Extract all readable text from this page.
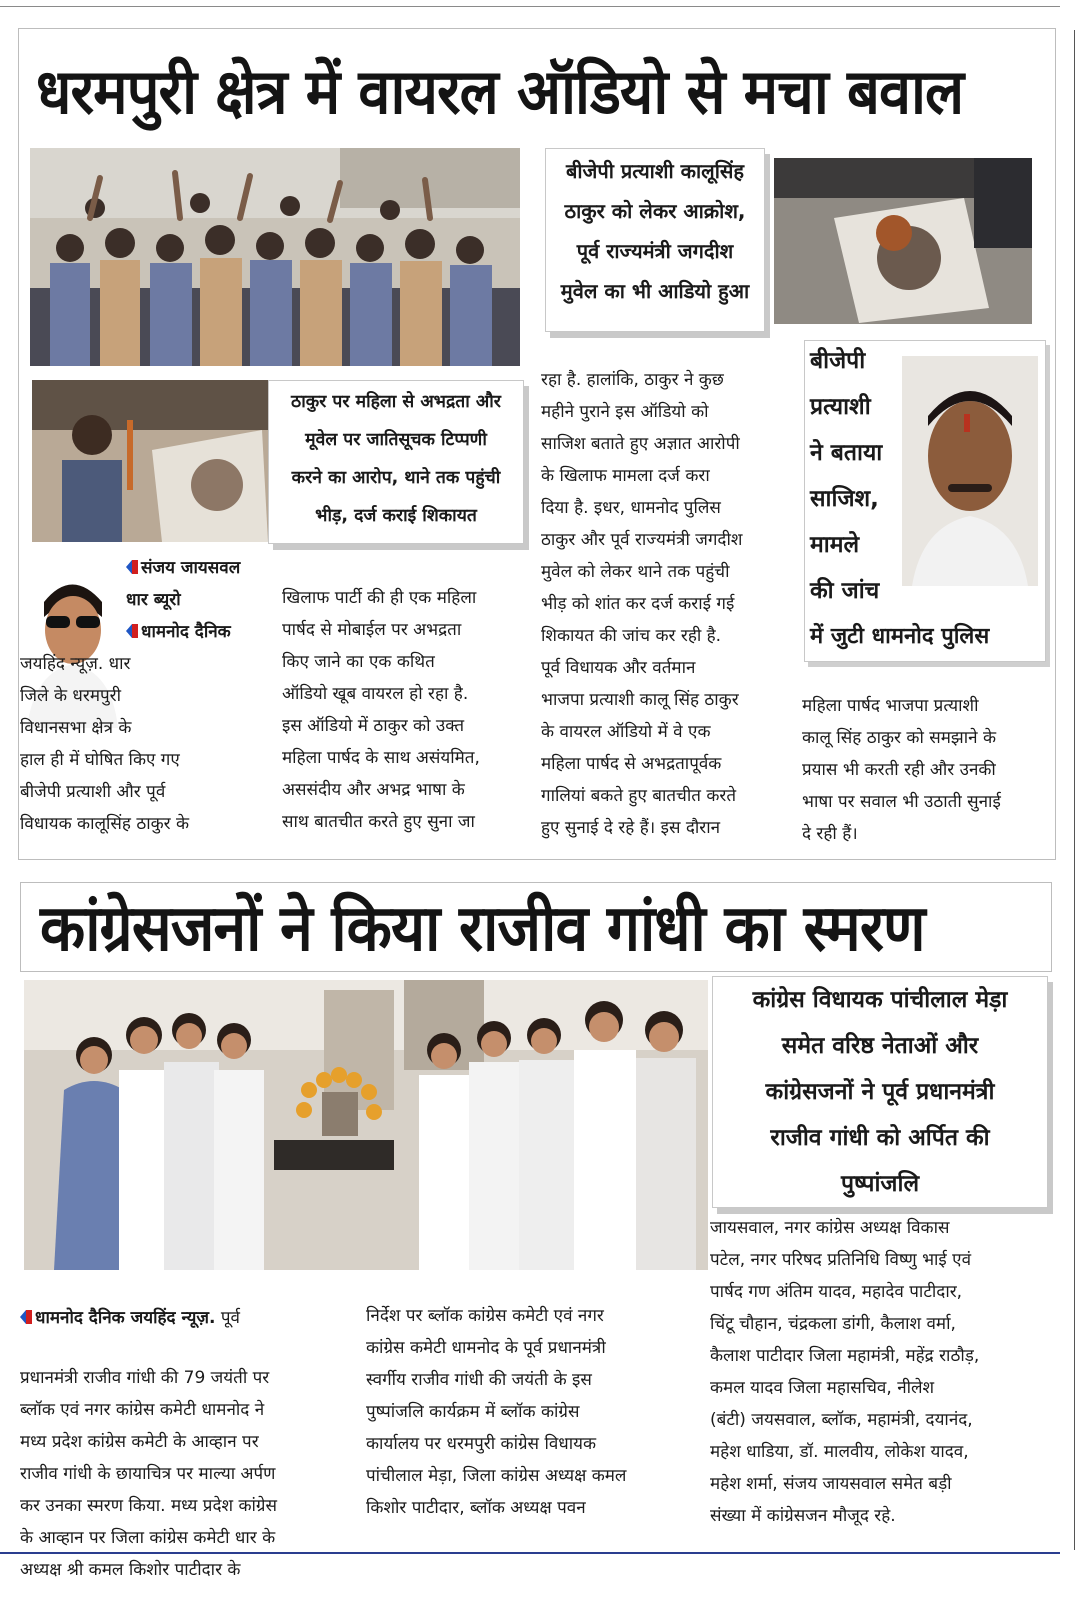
धरमपुरी क्षेत्र में वायरल ऑडियो से मचा बवाल
बीजेपी प्रत्याशी कालूसिंह
ठाकुर को लेकर आक्रोश,
पूर्व राज्यमंत्री जगदीश
मुवेल का भी आडियो हुआ
ठाकुर पर महिला से अभद्रता और
मूवेल पर जातिसूचक टिप्पणी
करने का आरोप, थाने तक पहुंची
भीड़, दर्ज कराई शिकायत
बीजेपी
प्रत्याशी
ने बताया
साजिश,
मामले
की जांच
में जुटी धामनोद पुलिस
संजय जायसवल
धार ब्यूरो
धामनोद दैनिक
जयहिंद न्यूज़. धार
जिले के धरमपुरी
विधानसभा क्षेत्र के
हाल ही में घोषित किए गए
बीजेपी प्रत्याशी और पूर्व
विधायक कालूसिंह ठाकुर के
खिलाफ पार्टी की ही एक महिला
पार्षद से मोबाईल पर अभद्रता
किए जाने का एक कथित
ऑडियो खूब वायरल हो रहा है.
इस ऑडियो में ठाकुर को उक्त
महिला पार्षद के साथ असंयमित,
अससंदीय और अभद्र भाषा के
साथ बातचीत करते हुए सुना जा
रहा है. हालांकि, ठाकुर ने कुछ
महीने पुराने इस ऑडियो को
साजिश बताते हुए अज्ञात आरोपी
के खिलाफ मामला दर्ज करा
दिया है. इधर, धामनोद पुलिस
ठाकुर और पूर्व राज्यमंत्री जगदीश
मुवेल को लेकर थाने तक पहुंची
भीड़ को शांत कर दर्ज कराई गई
शिकायत की जांच कर रही है.
पूर्व विधायक और वर्तमान
भाजपा प्रत्याशी कालू सिंह ठाकुर
के वायरल ऑडियो में वे एक
महिला पार्षद से अभद्रतापूर्वक
गालियां बकते हुए बातचीत करते
हुए सुनाई दे रहे हैं। इस दौरान
महिला पार्षद भाजपा प्रत्याशी
कालू सिंह ठाकुर को समझाने के
प्रयास भी करती रही और उनकी
भाषा पर सवाल भी उठाती सुनाई
दे रही हैं।
कांग्रेसजनों ने किया राजीव गांधी का स्मरण
कांग्रेस विधायक पांचीलाल मेड़ा
समेत वरिष्ठ नेताओं और
कांग्रेसजनों ने पूर्व प्रधानमंत्री
राजीव गांधी को अर्पित की
पुष्पांजलि

धामनोद दैनिक जयहिंद न्यूज़. पूर्व

प्रधानमंत्री राजीव गांधी की 79 जयंती पर
ब्लॉक एवं नगर कांग्रेस कमेटी धामनोद ने
मध्य प्रदेश कांग्रेस कमेटी के आव्हान पर
राजीव गांधी के छायाचित्र पर माल्या अर्पण
कर उनका स्मरण किया. मध्य प्रदेश कांग्रेस
के आव्हान पर जिला कांग्रेस कमेटी धार के
अध्यक्ष श्री कमल किशोर पाटीदार के

निर्देश पर ब्लॉक कांग्रेस कमेटी एवं नगर
कांग्रेस कमेटी धामनोद के पूर्व प्रधानमंत्री
स्वर्गीय राजीव गांधी की जयंती के इस
पुष्पांजलि कार्यक्रम में ब्लॉक कांग्रेस
कार्यालय पर धरमपुरी कांग्रेस विधायक
पांचीलाल मेड़ा, जिला कांग्रेस अध्यक्ष कमल
किशोर पाटीदार, ब्लॉक अध्यक्ष पवन
जायसवाल, नगर कांग्रेस अध्यक्ष विकास
पटेल, नगर परिषद प्रतिनिधि विष्णु भाई एवं
पार्षद गण अंतिम यादव, महादेव पाटीदार,
चिंटू चौहान, चंद्रकला डांगी, कैलाश वर्मा,
कैलाश पाटीदार जिला महामंत्री, महेंद्र राठौड़,
कमल यादव जिला महासचिव, नीलेश
(बंटी) जयसवाल, ब्लॉक, महामंत्री, दयानंद,
महेश धाडिया, डॉ. मालवीय, लोकेश यादव,
महेश शर्मा, संजय जायसवाल समेत बड़ी
संख्या में कांग्रेसजन मौजूद रहे.
